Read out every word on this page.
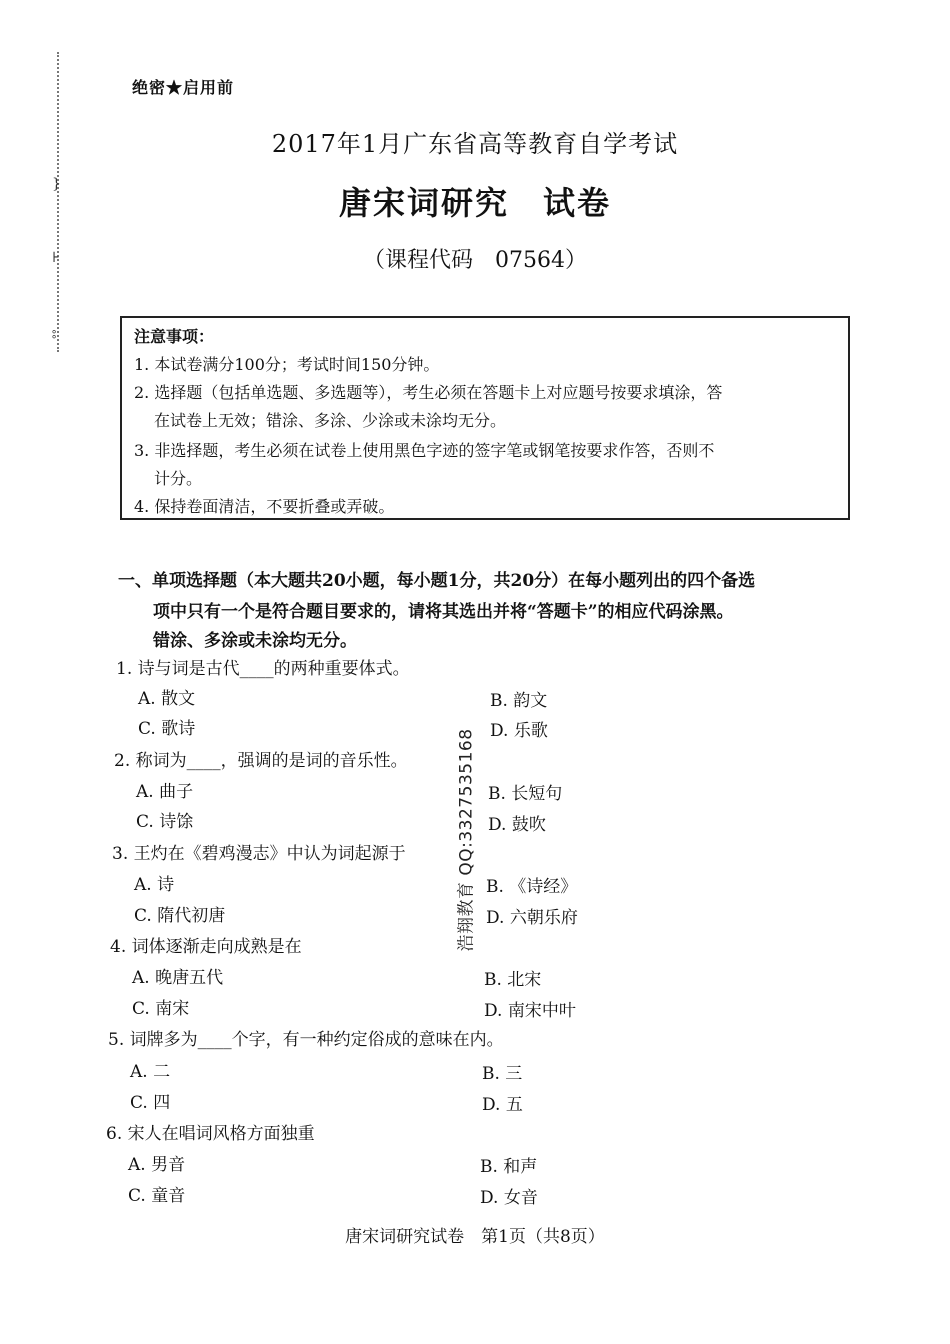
}
⊦
⦂
绝密★启用前
2017年1月广东省高等教育自学考试
唐宋词研究　试卷
（课程代码　07564）
注意事项：
1. 本试卷满分100分；考试时间150分钟。
2. 选择题（包括单选题、多选题等），考生必须在答题卡上对应题号按要求填涂，答
在试卷上无效；错涂、多涂、少涂或未涂均无分。
3. 非选择题，考生必须在试卷上使用黑色字迹的签字笔或钢笔按要求作答，否则不
计分。
4. 保持卷面清洁，不要折叠或弄破。
一、单项选择题（本大题共20小题，每小题1分，共20分）在每小题列出的四个备选
项中只有一个是符合题目要求的，请将其选出并将“答题卡”的相应代码涂黑。
错涂、多涂或未涂均无分。
1. 诗与词是古代____的两种重要体式。
A. 散文	B. 韵文
C. 歌诗	D. 乐歌
2. 称词为____，强调的是词的音乐性。
A. 曲子	B. 长短句
C. 诗馀	D. 鼓吹
3. 王灼在《碧鸡漫志》中认为词起源于
A. 诗	B. 《诗经》
C. 隋代初唐	D. 六朝乐府
4. 词体逐渐走向成熟是在
A. 晚唐五代	B. 北宋
C. 南宋	D. 南宋中叶
5. 词牌多为____个字，有一种约定俗成的意味在内。
A. 二	B. 三
C. 四	D. 五
6. 宋人在唱词风格方面独重
A. 男音	B. 和声
C. 童音	D. 女音
浩翔教育 QQ:3327535168
唐宋词研究试卷　第1页（共8页）
